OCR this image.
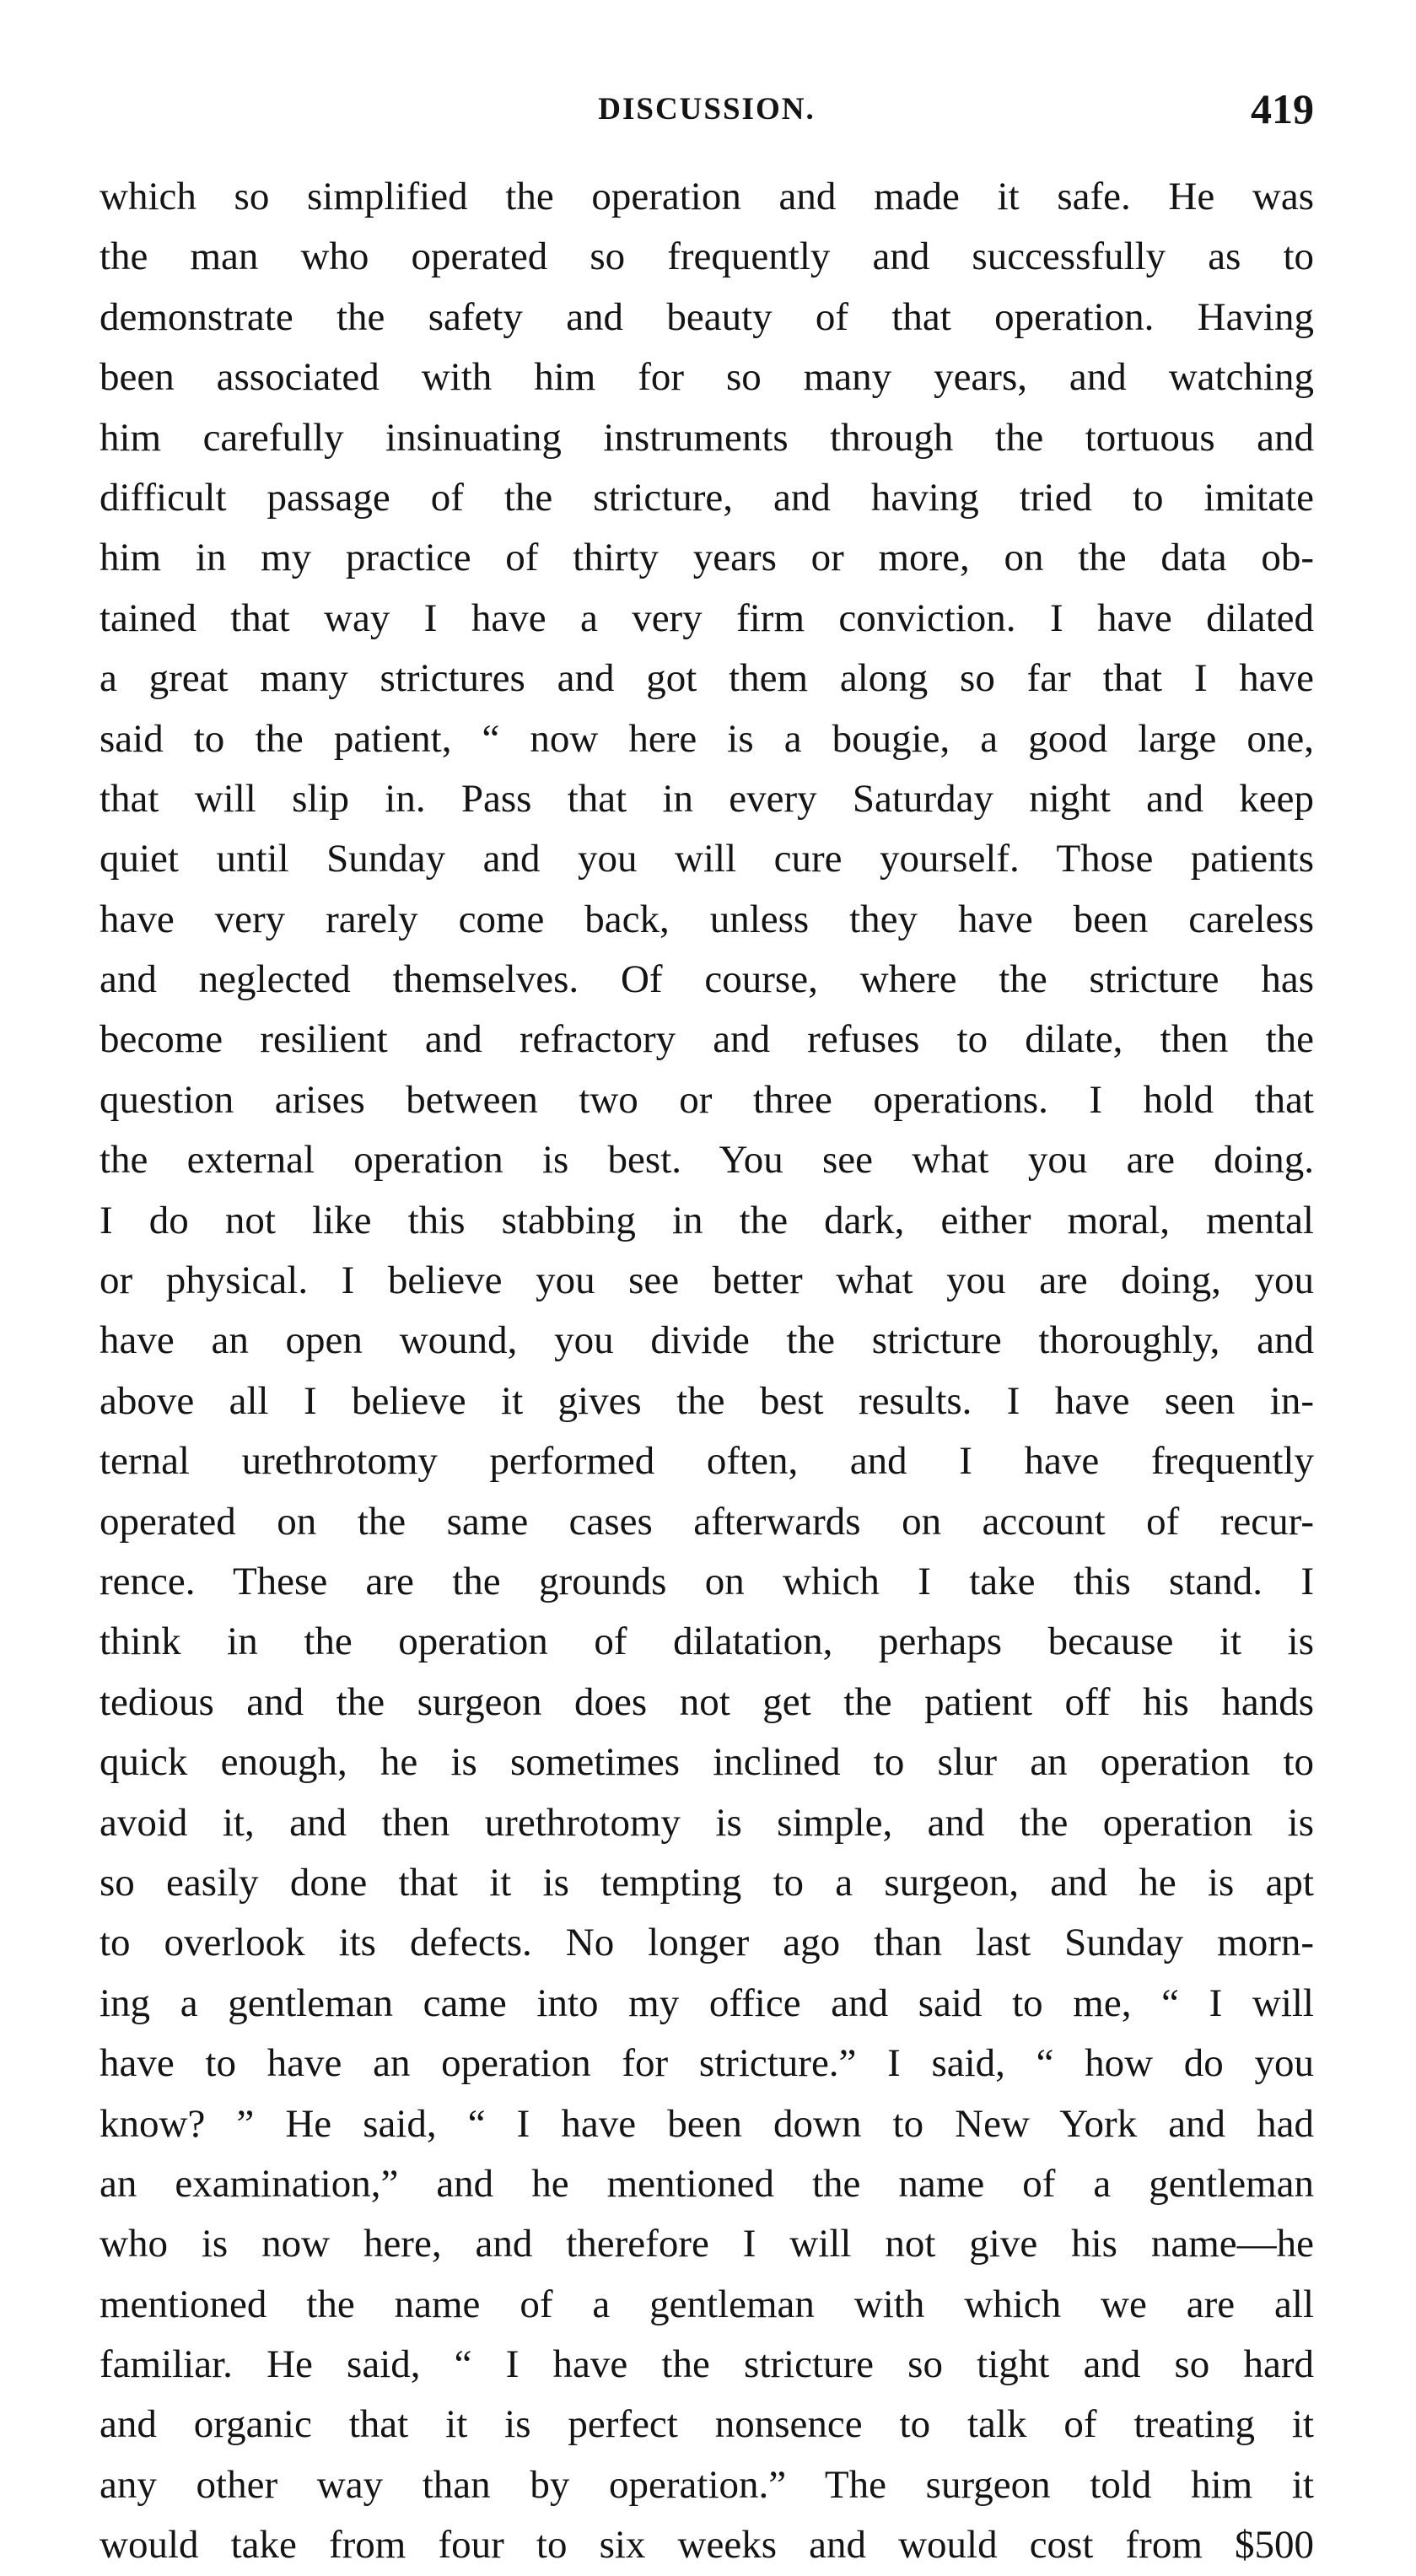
DISCUSSION.	419
which so simplified the operation and made it safe. He was
the man who operated so frequently and successfully as to
demonstrate the safety and beauty of that operation. Having
been associated with him for so many years, and watching
him carefully insinuating instruments through the tortuous and
difficult passage of the stricture, and having tried to imitate
him in my practice of thirty years or more, on the data ob-
tained that way I have a very firm conviction. I have dilated
a great many strictures and got them along so far that I have
said to the patient, “ now here is a bougie, a good large one,
that will slip in. Pass that in every Saturday night and keep
quiet until Sunday and you will cure yourself. Those patients
have very rarely come back, unless they have been careless
and neglected themselves. Of course, where the stricture has
become resilient and refractory and refuses to dilate, then the
question arises between two or three operations. I hold that
the external operation is best. You see what you are doing.
I do not like this stabbing in the dark, either moral, mental
or physical. I believe you see better what you are doing, you
have an open wound, you divide the stricture thoroughly, and
above all I believe it gives the best results. I have seen in-
ternal urethrotomy performed often, and I have frequently
operated on the same cases afterwards on account of recur-
rence. These are the grounds on which I take this stand. I
think in the operation of dilatation, perhaps because it is
tedious and the surgeon does not get the patient off his hands
quick enough, he is sometimes inclined to slur an operation to
avoid it, and then urethrotomy is simple, and the operation is
so easily done that it is tempting to a surgeon, and he is apt
to overlook its defects. No longer ago than last Sunday morn-
ing a gentleman came into my office and said to me, “ I will
have to have an operation for stricture.” I said, “ how do you
know? ” He said, “ I have been down to New York and had
an examination,” and he mentioned the name of a gentleman
who is now here, and therefore I will not give his name—he
mentioned the name of a gentleman with which we are all
familiar. He said, “ I have the stricture so tight and so hard
and organic that it is perfect nonsence to talk of treating it
any other way than by operation.” The surgeon told him it
would take from four to six weeks and would cost from $500
